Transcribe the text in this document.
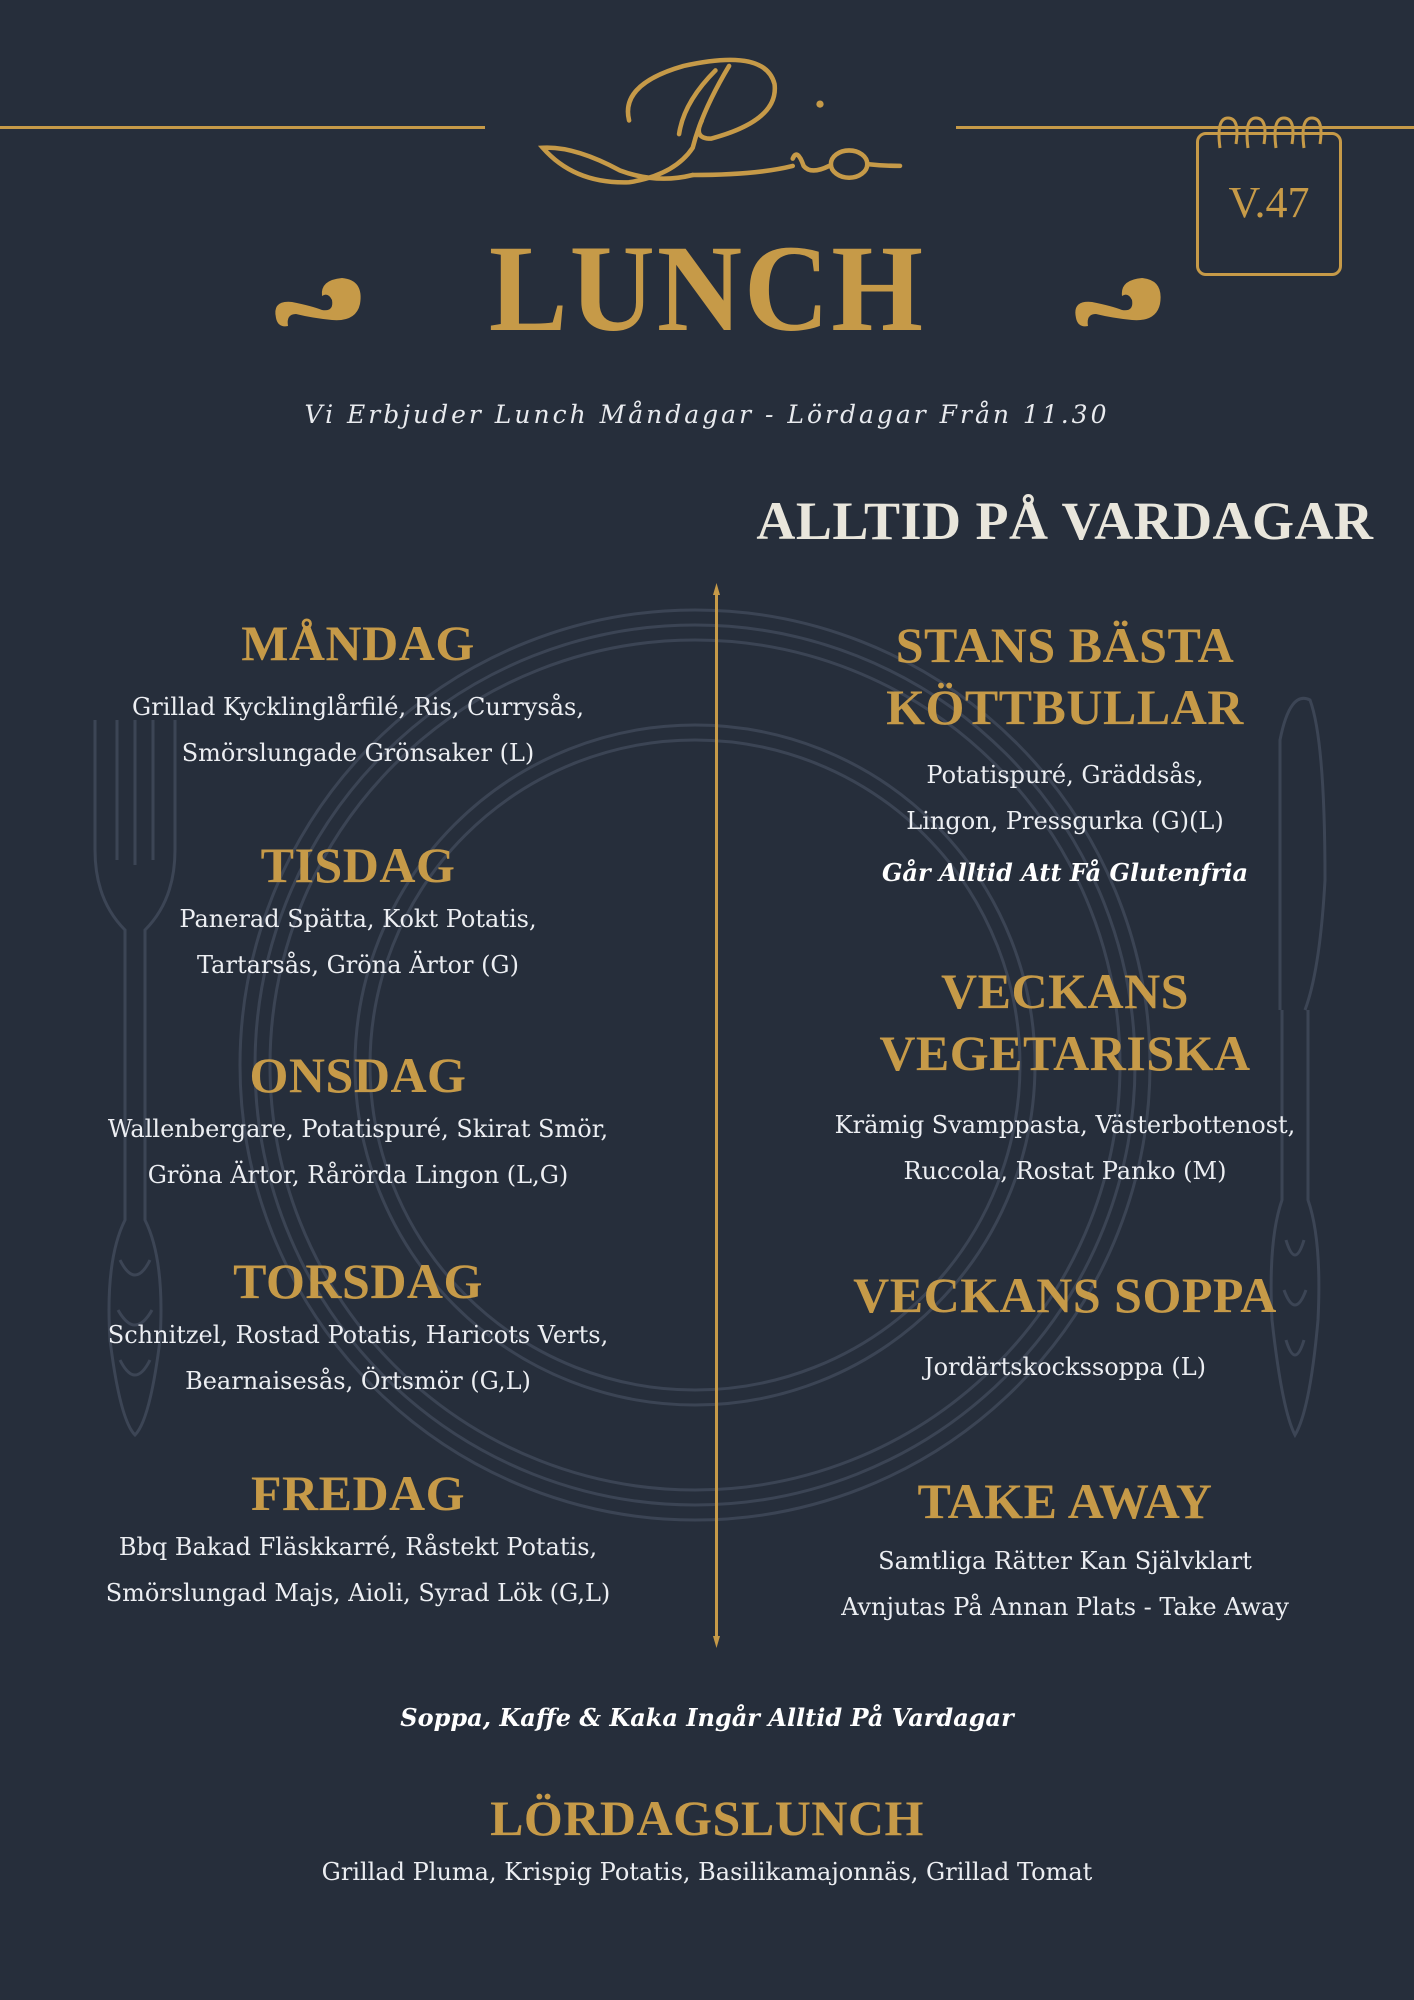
V.47
LUNCH
Vi Erbjuder Lunch Måndagar - Lördagar Från 11.30
ALLTID PÅ VARDAGAR
MÅNDAG
Grillad Kycklinglårfilé, Ris, Currysås,
Smörslungade Grönsaker (L)
TISDAG
Panerad Spätta, Kokt Potatis,
Tartarsås, Gröna Ärtor (G)
ONSDAG
Wallenbergare, Potatispuré, Skirat Smör,
Gröna Ärtor, Rårörda Lingon (L,G)
TORSDAG
Schnitzel, Rostad Potatis, Haricots Verts,
Bearnaisesås, Örtsmör (G,L)
FREDAG
Bbq Bakad Fläskkarré, Råstekt Potatis,
Smörslungad Majs, Aioli, Syrad Lök (G,L)
STANS BÄSTA
KÖTTBULLAR
Potatispuré, Gräddsås,
Lingon, Pressgurka (G)(L)
Går Alltid Att Få Glutenfria
VECKANS
VEGETARISKA
Krämig Svamppasta, Västerbottenost,
Ruccola, Rostat Panko (M)
VECKANS SOPPA
Jordärtskockssoppa (L)
TAKE AWAY
Samtliga Rätter Kan Självklart
Avnjutas På Annan Plats - Take Away
Soppa, Kaffe & Kaka Ingår Alltid På Vardagar
LÖRDAGSLUNCH
Grillad Pluma, Krispig Potatis, Basilikamajonnäs, Grillad Tomat
